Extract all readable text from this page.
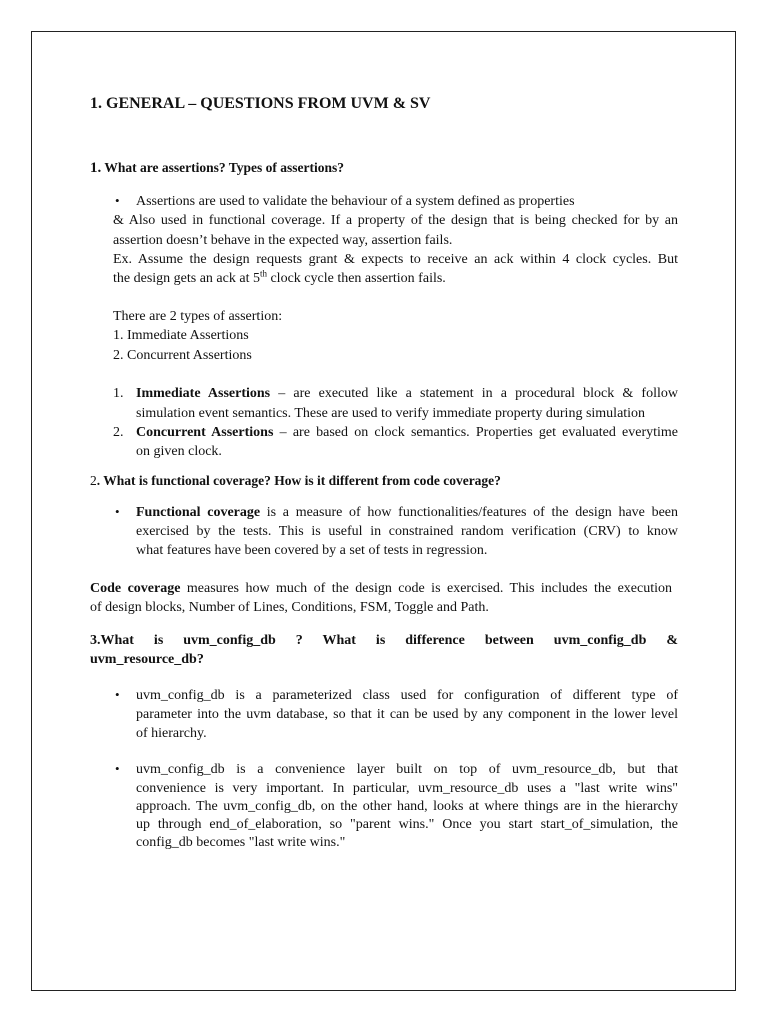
1. GENERAL – QUESTIONS FROM UVM & SV
1. What are assertions? Types of assertions?
• Assertions are used to validate the behaviour of a system defined as properties
& Also used in functional coverage. If a property of the design that is being checked for by an
assertion doesn’t behave in the expected way, assertion fails.
Ex. Assume the design requests grant & expects to receive an ack within 4 clock cycles. But
the design gets an ack at 5th clock cycle then assertion fails.
There are 2 types of assertion:
1. Immediate Assertions
2. Concurrent Assertions
1. Immediate Assertions – are executed like a statement in a procedural block & follow
simulation event semantics. These are used to verify immediate property during simulation
2. Concurrent Assertions – are based on clock semantics. Properties get evaluated everytime
on given clock.
2. What is functional coverage? How is it different from code coverage?
• Functional coverage is a measure of how functionalities/features of the design have been
exercised by the tests. This is useful in constrained random verification (CRV) to know
what features have been covered by a set of tests in regression.
Code coverage measures how much of the design code is exercised. This includes the execution
of design blocks, Number of Lines, Conditions, FSM, Toggle and Path.
3.What is uvm_config_db ? What is difference between uvm_config_db &
uvm_resource_db?
• uvm_config_db is a parameterized class used for configuration of different type of
parameter into the uvm database, so that it can be used by any component in the lower level
of hierarchy.
• uvm_config_db is a convenience layer built on top of uvm_resource_db, but that
convenience is very important. In particular, uvm_resource_db uses a "last write wins"
approach. The uvm_config_db, on the other hand, looks at where things are in the hierarchy
up through end_of_elaboration, so "parent wins." Once you start start_of_simulation, the
config_db becomes "last write wins."
